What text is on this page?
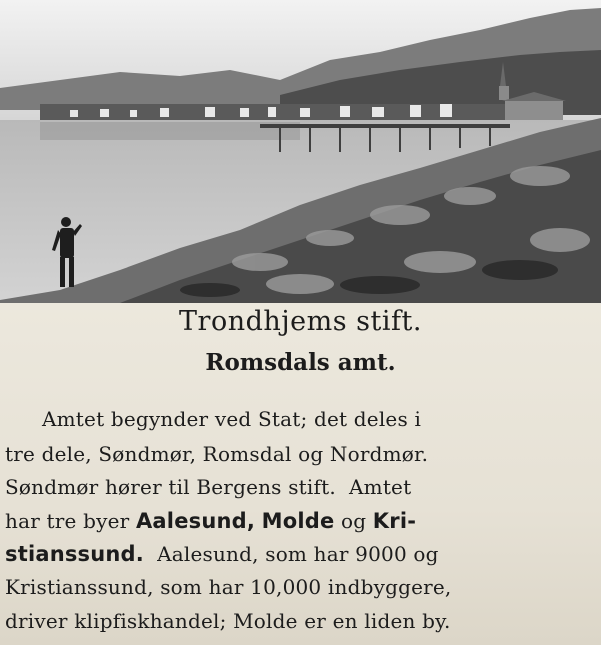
Trondhjems stift.
Romsdals amt.
Amtet begynder ved Stat; det deles i
tre dele, Søndmør, Romsdal og Nordmør.
Søndmør hører til Bergens stift.  Amtet
har tre byer Aalesund, Molde og Kri-
stianssund.  Aalesund, som har 9000 og
Kristianssund, som har 10,000 indbyggere,
driver klipfiskhandel; Molde er en liden by.
